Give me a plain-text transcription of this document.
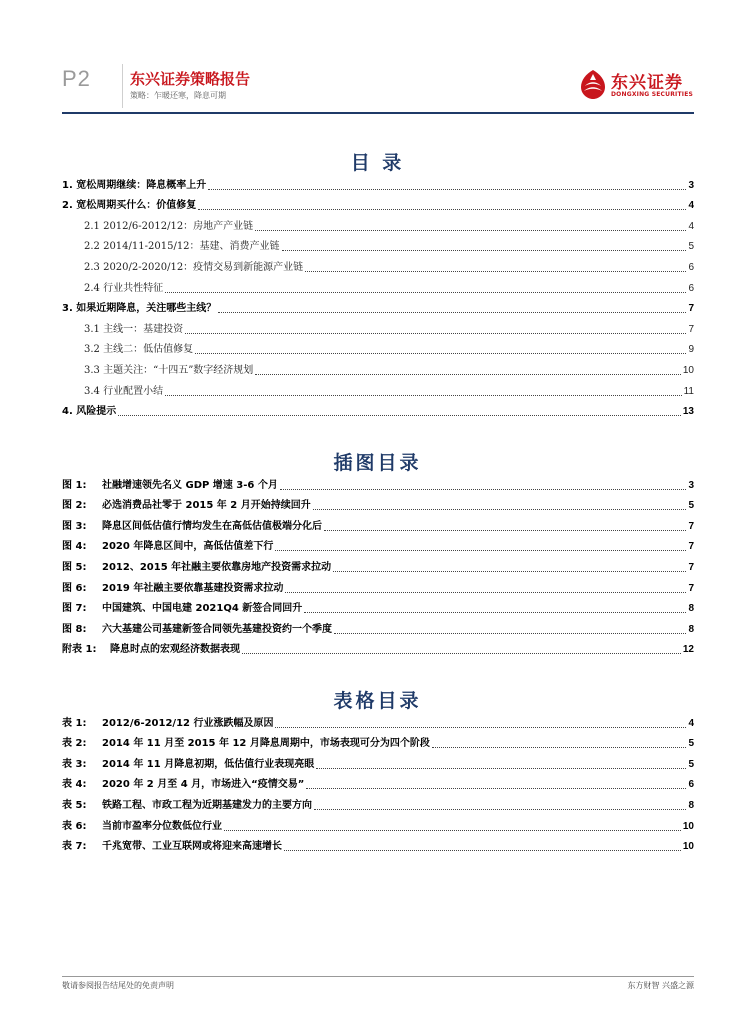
P2	东兴证券策略报告
策略：乍暖还寒，降息可期
东兴证券
DONGXING SECURITIES
目 录
1. 宽松周期继续：降息概率上升	3
2. 宽松周期买什么：价值修复	4
2.1 2012/6-2012/12：房地产产业链	4
2.2 2014/11-2015/12：基建、消费产业链	5
2.3 2020/2-2020/12：疫情交易到新能源产业链	6
2.4 行业共性特征	6
3. 如果近期降息，关注哪些主线？	7
3.1 主线一：基建投资	7
3.2 主线二：低估值修复	9
3.3 主题关注：“十四五”数字经济规划	10
3.4 行业配置小结	11
4. 风险提示	13
插图目录
图 1:	社融增速领先名义 GDP 增速 3-6 个月	3
图 2:	必选消费品社零于 2015 年 2 月开始持续回升	5
图 3:	降息区间低估值行情均发生在高低估值极端分化后	7
图 4:	2020 年降息区间中，高低估值差下行	7
图 5:	2012、2015 年社融主要依靠房地产投资需求拉动	7
图 6:	2019 年社融主要依靠基建投资需求拉动	7
图 7:	中国建筑、中国电建 2021Q4 新签合同回升	8
图 8:	六大基建公司基建新签合同领先基建投资约一个季度	8
附表 1:	降息时点的宏观经济数据表现	12
表格目录
表 1:	2012/6-2012/12 行业涨跌幅及原因	4
表 2:	2014 年 11 月至 2015 年 12 月降息周期中，市场表现可分为四个阶段	5
表 3:	2014 年 11 月降息初期，低估值行业表现亮眼	5
表 4:	2020 年 2 月至 4 月，市场进入“疫情交易”	6
表 5:	铁路工程、市政工程为近期基建发力的主要方向	8
表 6:	当前市盈率分位数低位行业	10
表 7:	千兆宽带、工业互联网或将迎来高速增长	10
敬请参阅报告结尾处的免责声明	东方财智 兴盛之源
